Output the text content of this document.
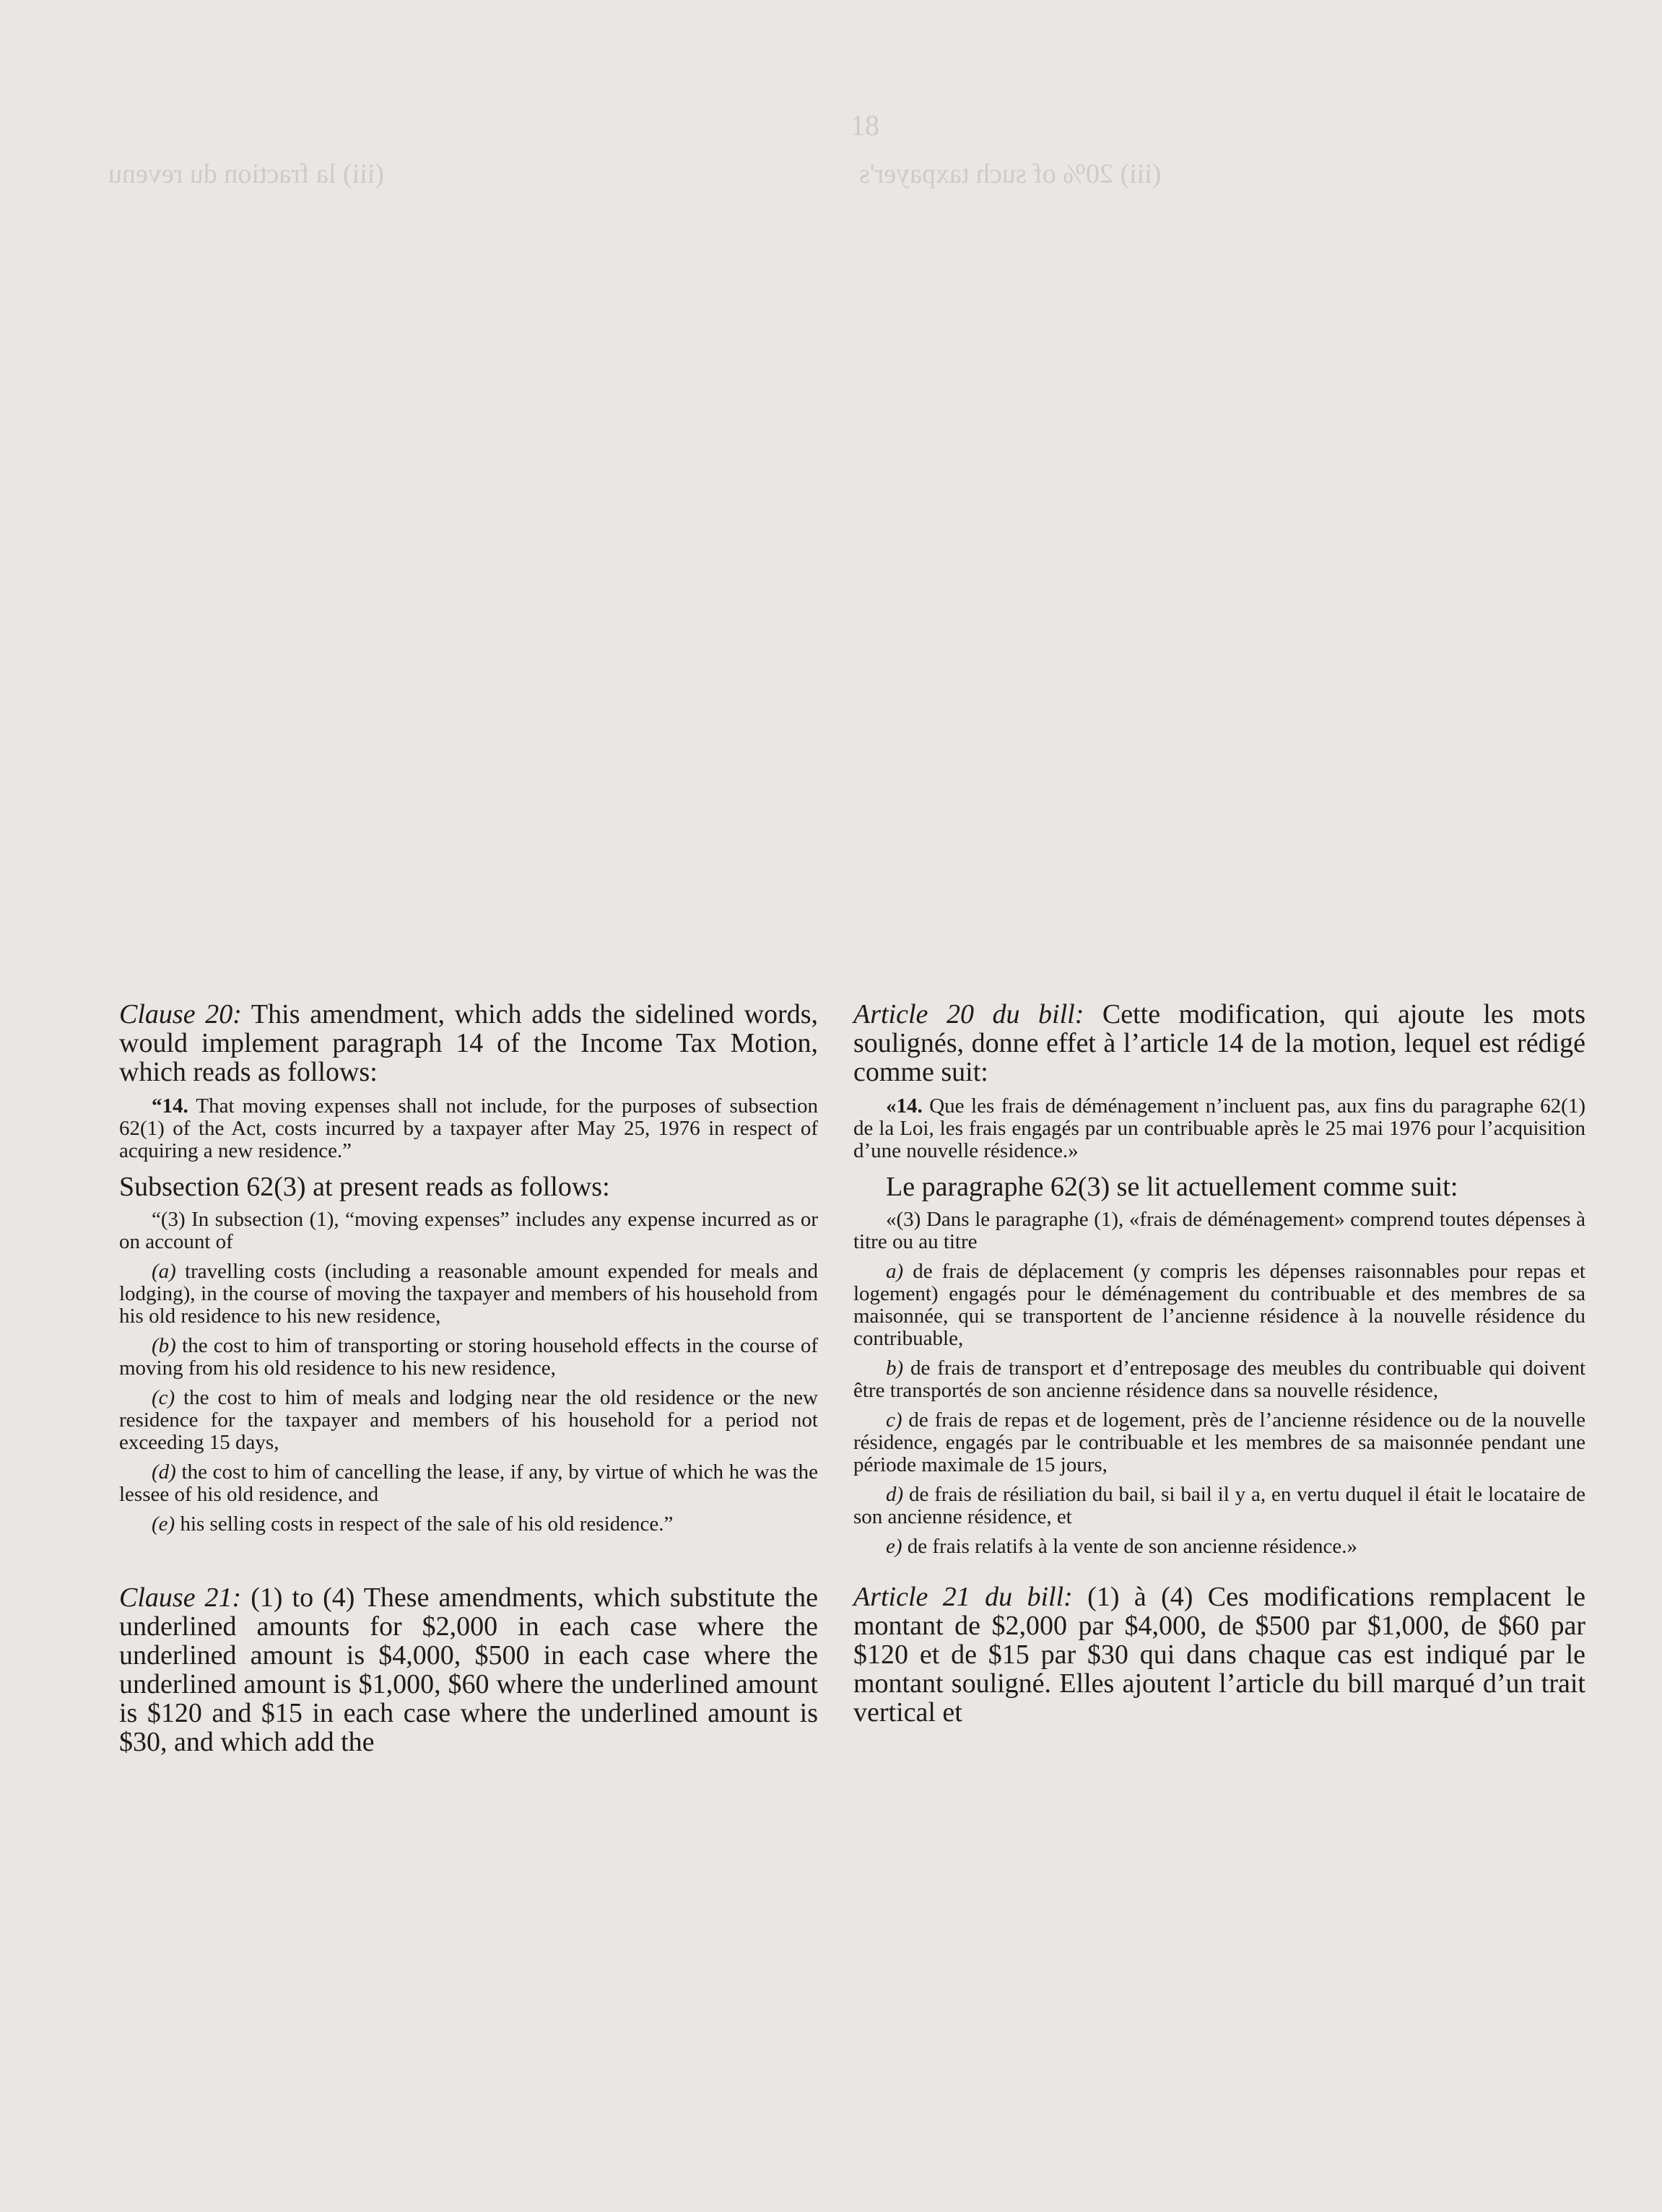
(iii) la fraction du revenu	(iii) 20% of such taxpayer's
18

Clause 20: This amendment, which adds the sidelined words, would implement paragraph 14 of the Income Tax Motion, which reads as follows:

“14. That moving expenses shall not include, for the purposes of subsection 62(1) of the Act, costs incurred by a taxpayer after May 25, 1976 in respect of acquiring a new residence.”

Subsection 62(3) at present reads as follows:

“(3) In subsection (1), “moving expenses” includes any expense incurred as or on account of

(a) travelling costs (including a reasonable amount expended for meals and lodging), in the course of moving the taxpayer and members of his household from his old residence to his new residence,

(b) the cost to him of transporting or storing household effects in the course of moving from his old residence to his new residence,

(c) the cost to him of meals and lodging near the old residence or the new residence for the taxpayer and members of his household for a period not exceeding 15 days,

(d) the cost to him of cancelling the lease, if any, by virtue of which he was the lessee of his old residence, and

(e) his selling costs in respect of the sale of his old residence.”

Clause 21: (1) to (4) These amendments, which substitute the underlined amounts for $2,000 in each case where the underlined amount is $4,000, $500 in each case where the underlined amount is $1,000, $60 where the underlined amount is $120 and $15 in each case where the underlined amount is $30, and which add the

Article 20 du bill: Cette modification, qui ajoute les mots soulignés, donne effet à l’article 14 de la motion, lequel est rédigé comme suit:

«14. Que les frais de déménagement n’incluent pas, aux fins du paragraphe 62(1) de la Loi, les frais engagés par un contribuable après le 25 mai 1976 pour l’acquisition d’une nouvelle résidence.»

Le paragraphe 62(3) se lit actuellement comme suit:

«(3) Dans le paragraphe (1), «frais de déménagement» comprend toutes dépenses à titre ou au titre

a) de frais de déplacement (y compris les dépenses raisonnables pour repas et logement) engagés pour le déménagement du contribuable et des membres de sa maisonnée, qui se transportent de l’ancienne résidence à la nouvelle résidence du contribuable,

b) de frais de transport et d’entreposage des meubles du contribuable qui doivent être transportés de son ancienne résidence dans sa nouvelle résidence,

c) de frais de repas et de logement, près de l’ancienne résidence ou de la nouvelle résidence, engagés par le contribuable et les membres de sa maisonnée pendant une période maximale de 15 jours,

d) de frais de résiliation du bail, si bail il y a, en vertu duquel il était le locataire de son ancienne résidence, et

e) de frais relatifs à la vente de son ancienne résidence.»

Article 21 du bill: (1) à (4) Ces modifications remplacent le montant de $2,000 par $4,000, de $500 par $1,000, de $60 par $120 et de $15 par $30 qui dans chaque cas est indiqué par le montant souligné. Elles ajoutent l’article du bill marqué d’un trait vertical et
